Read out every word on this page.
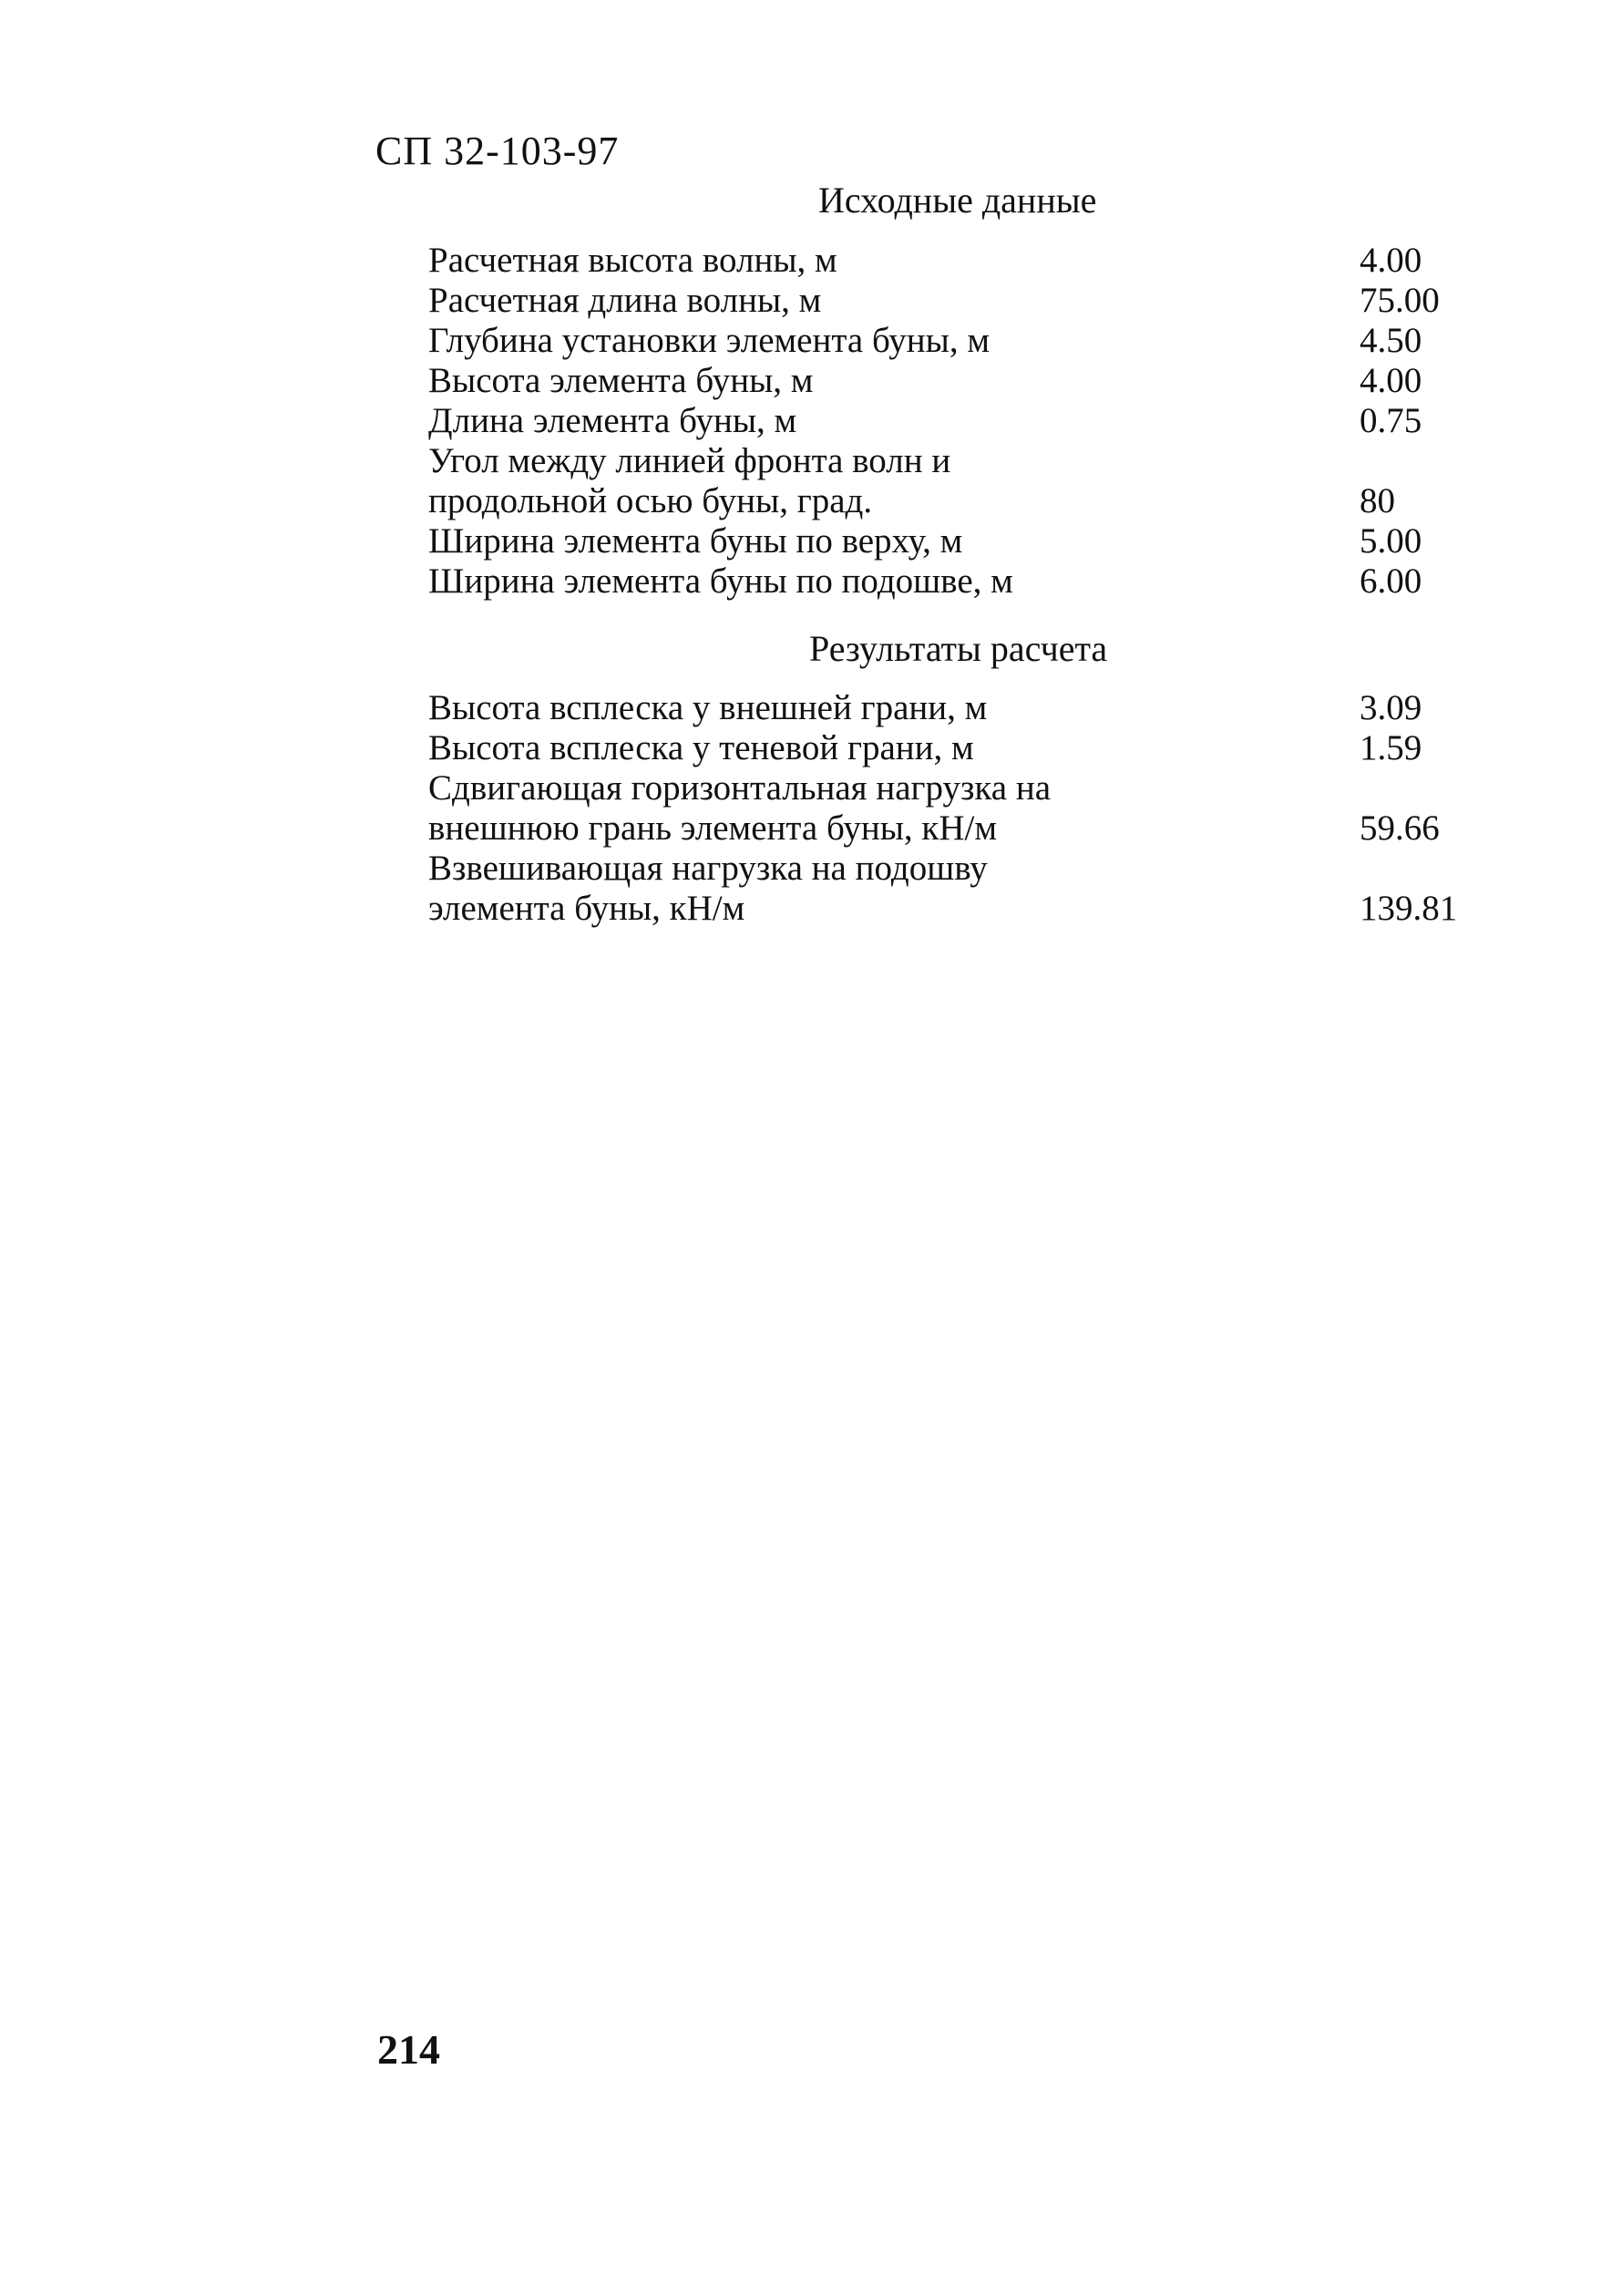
СП 32-103-97
Исходные данные
Расчетная высота волны, м	4.00
Расчетная длина волны, м	75.00
Глубина установки элемента буны, м	4.50
Высота элемента буны, м	4.00
Длина элемента буны, м	0.75
Угол между линией фронта волн и
продольной осью буны, град.	80
Ширина элемента буны по верху, м	5.00
Ширина элемента буны по подошве, м	6.00
Результаты расчета
Высота всплеска у внешней грани, м	3.09
Высота всплеска у теневой грани, м	1.59
Сдвигающая горизонтальная нагрузка на
внешнюю грань элемента буны, кН/м	59.66
Взвешивающая нагрузка на подошву
элемента буны, кН/м	139.81
214
